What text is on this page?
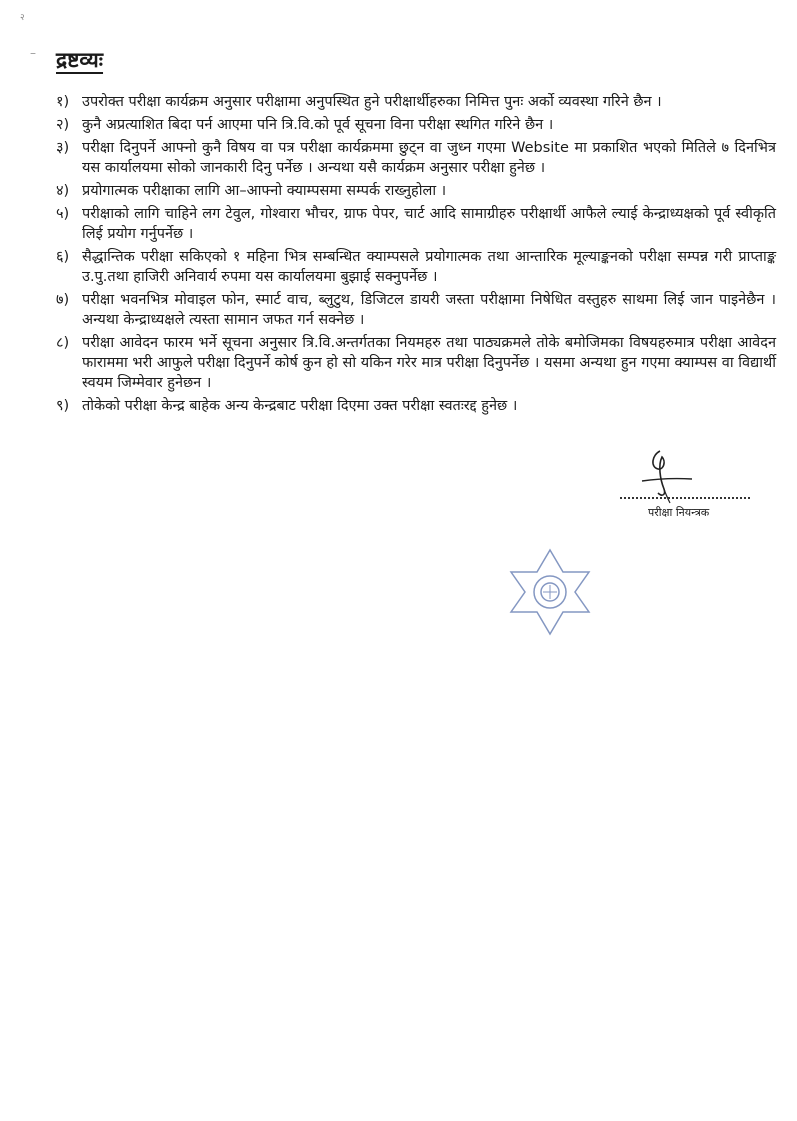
२
– द्रष्टव्यः
१) उपरोक्त परीक्षा कार्यक्रम अनुसार परीक्षामा अनुपस्थित हुने परीक्षार्थीहरुका निमित्त पुनः अर्को व्यवस्था गरिने छैन ।
२) कुनै अप्रत्याशित बिदा पर्न आएमा पनि त्रि.वि.को पूर्व सूचना विना परीक्षा स्थगित गरिने छैन ।
३) परीक्षा दिनुपर्ने आफ्नो कुनै विषय वा पत्र परीक्षा कार्यक्रममा छुट्न वा जुध्न गएमा Website मा प्रकाशित भएको मितिले ७ दिनभित्र यस कार्यालयमा सोको जानकारी दिनु पर्नेछ । अन्यथा यसै कार्यक्रम अनुसार परीक्षा हुनेछ ।
४) प्रयोगात्मक परीक्षाका लागि आ–आफ्नो क्याम्पसमा सम्पर्क राख्नुहोला ।
५) परीक्षाको लागि चाहिने लग टेवुल, गोश्वारा भौचर, ग्राफ पेपर, चार्ट आदि सामाग्रीहरु परीक्षार्थी आफैले ल्याई केन्द्राध्यक्षको पूर्व स्वीकृति लिई प्रयोग गर्नुपर्नेछ ।
६) सैद्धान्तिक परीक्षा सकिएको १ महिना भित्र सम्बन्धित क्याम्पसले प्रयोगात्मक तथा आन्तारिक मूल्याङ्कनको परीक्षा सम्पन्न गरी प्राप्ताङ्क उ.पु.तथा हाजिरी अनिवार्य रुपमा यस कार्यालयमा बुझाई सक्नुपर्नेछ ।
७) परीक्षा भवनभित्र मोवाइल फोन, स्मार्ट वाच, ब्लुटुथ, डिजिटल डायरी जस्ता परीक्षामा निषेधित वस्तुहरु साथमा लिई जान पाइनेछैन । अन्यथा केन्द्राध्यक्षले त्यस्ता सामान जफत गर्न सक्नेछ ।
८) परीक्षा आवेदन फारम भर्ने सूचना अनुसार त्रि.वि.अन्तर्गतका नियमहरु तथा पाठ्यक्रमले तोके बमोजिमका विषयहरुमात्र परीक्षा आवेदन फाराममा भरी आफुले परीक्षा दिनुपर्ने कोर्ष कुन हो सो यकिन गरेर मात्र परीक्षा दिनुपर्नेछ । यसमा अन्यथा हुन गएमा क्याम्पस वा विद्यार्थी स्वयम जिम्मेवार हुनेछन ।
९) तोकेको परीक्षा केन्द्र बाहेक अन्य केन्द्रबाट परीक्षा दिएमा उक्त परीक्षा स्वतःरद्द हुनेछ ।
परीक्षा नियन्त्रक
